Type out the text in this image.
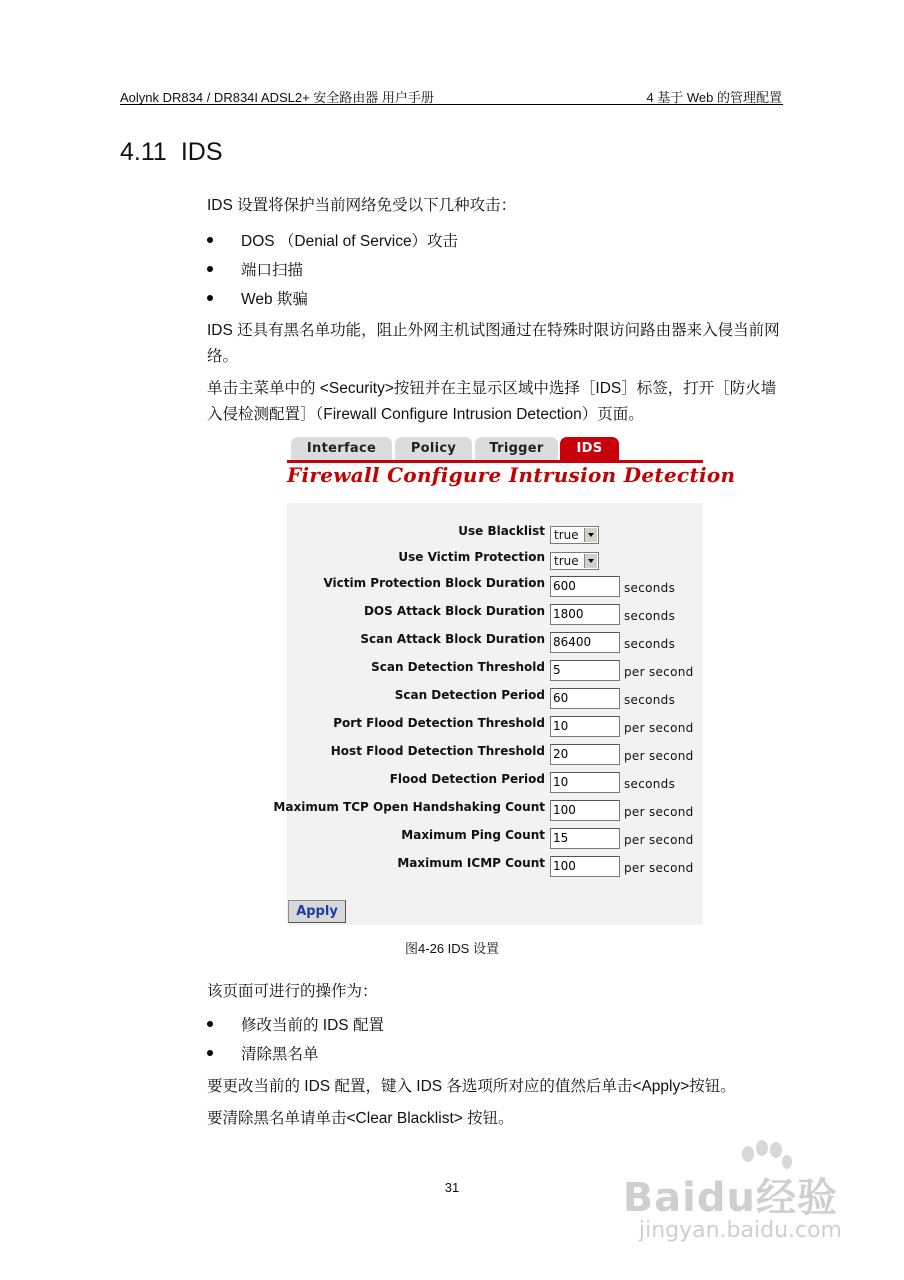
Aolynk DR834 / DR834I ADSL2+ 安全路由器 用户手册	4 基于 Web 的管理配置
4.11 IDS
IDS 设置将保护当前网络免受以下几种攻击：
DOS （Denial of Service）攻击
端口扫描
Web 欺骗
IDS 还具有黑名单功能，阻止外网主机试图通过在特殊时限访问路由器来入侵当前网络。
单击主菜单中的 <Security>按钮并在主显示区域中选择［IDS］标签，打开［防火墙入侵检测配置］（Firewall Configure Intrusion Detection）页面。
Interface	Policy	Trigger	IDS
Firewall Configure Intrusion Detection
Use Blacklist true
Use Victim Protection true
Victim Protection Block Duration 600	seconds
DOS Attack Block Duration 1800	seconds
Scan Attack Block Duration 86400	seconds
Scan Detection Threshold 5	per second
Scan Detection Period 60	seconds
Port Flood Detection Threshold 10	per second
Host Flood Detection Threshold 20	per second
Flood Detection Period 10	seconds
Maximum TCP Open Handshaking Count 100	per second
Maximum Ping Count 15	per second
Maximum ICMP Count 100	per second
Apply
图4-26 IDS 设置
该页面可进行的操作为：
修改当前的 IDS 配置
清除黑名单
要更改当前的 IDS 配置，键入 IDS 各选项所对应的值然后单击<Apply>按钮。
要清除黑名单请单击<Clear Blacklist> 按钮。
31	Baidu经验
jingyan.baidu.com
